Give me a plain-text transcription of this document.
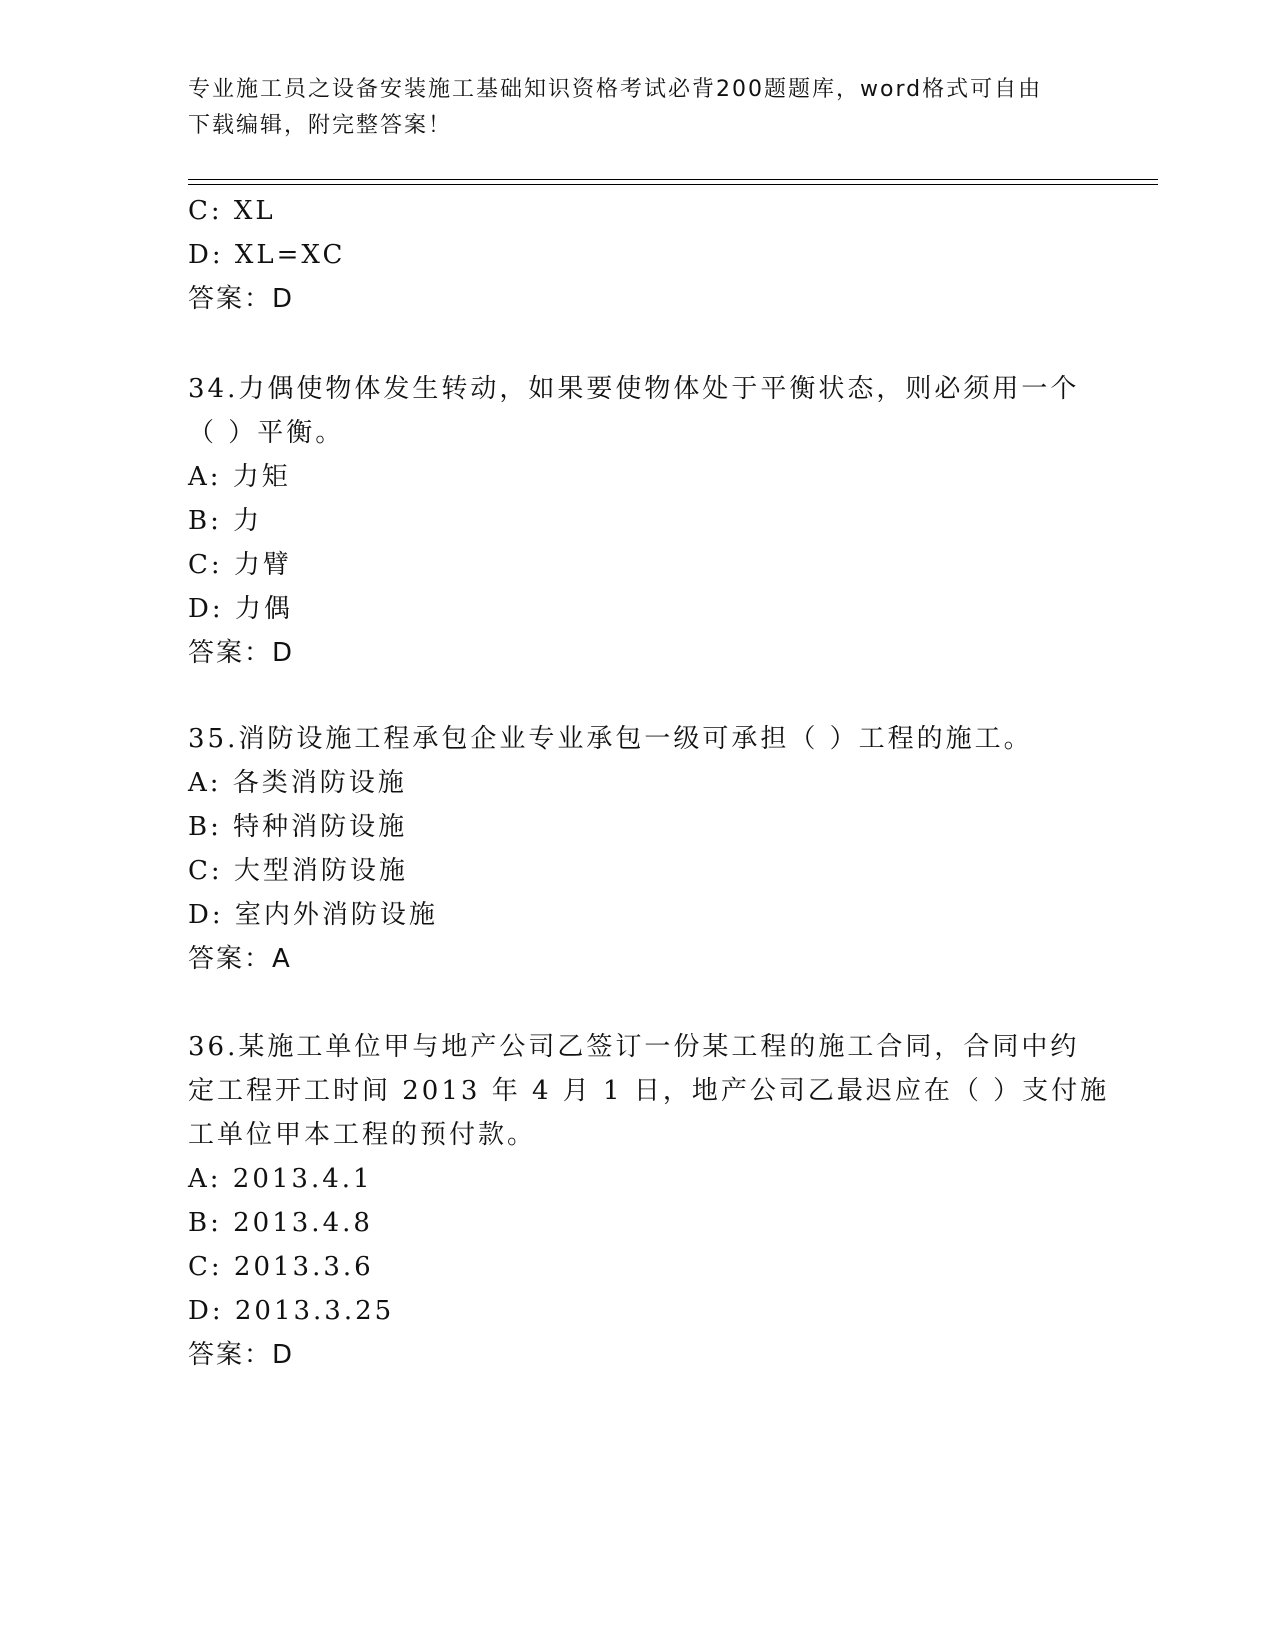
专业施工员之设备安装施工基础知识资格考试必背200题题库，word格式可自由
下载编辑，附完整答案！
C: XL
D: XL=XC
答案：D
34.力偶使物体发生转动，如果要使物体处于平衡状态，则必须用一个
（ ）平衡。
A: 力矩
B: 力
C: 力臂
D: 力偶
答案：D
35.消防设施工程承包企业专业承包一级可承担（ ）工程的施工。
A: 各类消防设施
B: 特种消防设施
C: 大型消防设施
D: 室内外消防设施
答案：A
36.某施工单位甲与地产公司乙签订一份某工程的施工合同，合同中约
定工程开工时间 2013 年 4 月 1 日，地产公司乙最迟应在（ ）支付施
工单位甲本工程的预付款。
A: 2013.4.1
B: 2013.4.8
C: 2013.3.6
D: 2013.3.25
答案：D
